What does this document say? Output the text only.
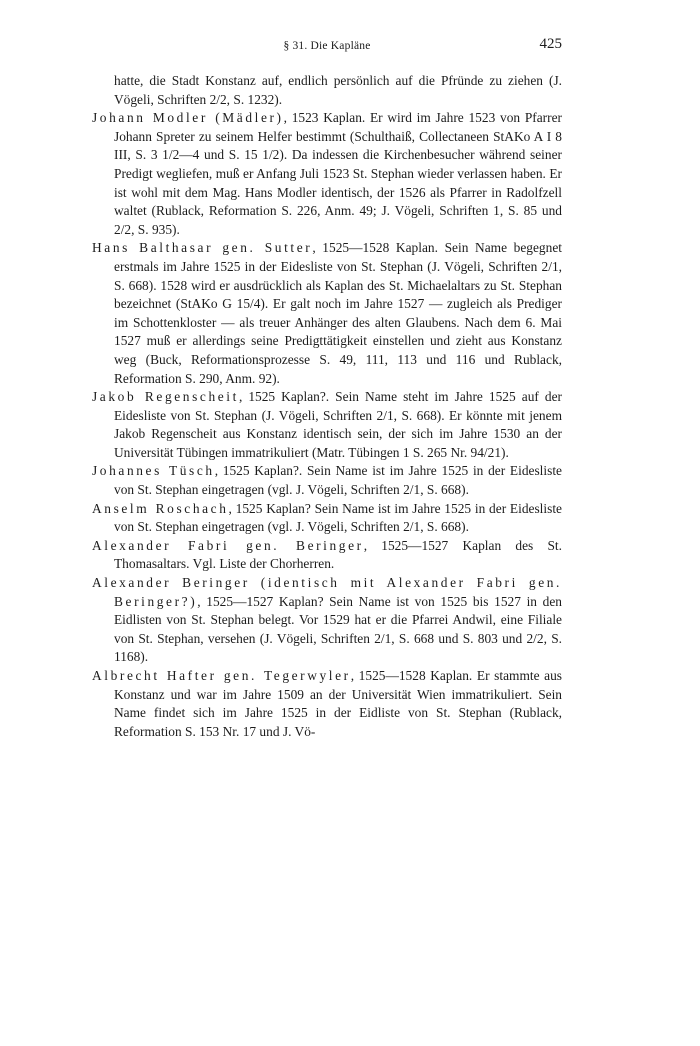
§ 31. Die Kapläne	425

hatte, die Stadt Konstanz auf, endlich persönlich auf die Pfründe zu ziehen (J. Vögeli, Schriften 2/2, S. 1232).

Johann Modler (Mädler), 1523 Kaplan. Er wird im Jahre 1523 von Pfarrer Johann Spreter zu seinem Helfer bestimmt (Schulthaiß, Collectaneen StAKo A I 8 III, S. 3 1/2—4 und S. 15 1/2). Da indessen die Kirchenbesucher während seiner Predigt wegliefen, muß er Anfang Juli 1523 St. Stephan wieder verlassen haben. Er ist wohl mit dem Mag. Hans Modler identisch, der 1526 als Pfarrer in Radolfzell waltet (Rublack, Reformation S. 226, Anm. 49; J. Vögeli, Schriften 1, S. 85 und 2/2, S. 935).

Hans Balthasar gen. Sutter, 1525—1528 Kaplan. Sein Name begegnet erstmals im Jahre 1525 in der Eidesliste von St. Stephan (J. Vögeli, Schriften 2/1, S. 668). 1528 wird er ausdrücklich als Kaplan des St. Michaelaltars zu St. Stephan bezeichnet (StAKo G 15/4). Er galt noch im Jahre 1527 — zugleich als Prediger im Schottenkloster — als treuer Anhänger des alten Glaubens. Nach dem 6. Mai 1527 muß er allerdings seine Predigttätigkeit einstellen und zieht aus Konstanz weg (Buck, Reformationsprozesse S. 49, 111, 113 und 116 und Rublack, Reformation S. 290, Anm. 92).

Jakob Regenscheit, 1525 Kaplan?. Sein Name steht im Jahre 1525 auf der Eidesliste von St. Stephan (J. Vögeli, Schriften 2/1, S. 668). Er könnte mit jenem Jakob Regenscheit aus Konstanz identisch sein, der sich im Jahre 1530 an der Universität Tübingen immatrikuliert (Matr. Tübingen 1 S. 265 Nr. 94/21).

Johannes Tüsch, 1525 Kaplan?. Sein Name ist im Jahre 1525 in der Eidesliste von St. Stephan eingetragen (vgl. J. Vögeli, Schriften 2/1, S. 668).

Anselm Roschach, 1525 Kaplan? Sein Name ist im Jahre 1525 in der Eidesliste von St. Stephan eingetragen (vgl. J. Vögeli, Schriften 2/1, S. 668).

Alexander Fabri gen. Beringer, 1525—1527 Kaplan des St. Thomasaltars. Vgl. Liste der Chorherren.

Alexander Beringer (identisch mit Alexander Fabri gen. Beringer?), 1525—1527 Kaplan? Sein Name ist von 1525 bis 1527 in den Eidlisten von St. Stephan belegt. Vor 1529 hat er die Pfarrei Andwil, eine Filiale von St. Stephan, versehen (J. Vögeli, Schriften 2/1, S. 668 und S. 803 und 2/2, S. 1168).

Albrecht Hafter gen. Tegerwyler, 1525—1528 Kaplan. Er stammte aus Konstanz und war im Jahre 1509 an der Universität Wien immatrikuliert. Sein Name findet sich im Jahre 1525 in der Eidliste von St. Stephan (Rublack, Reformation S. 153 Nr. 17 und J. Vö-
